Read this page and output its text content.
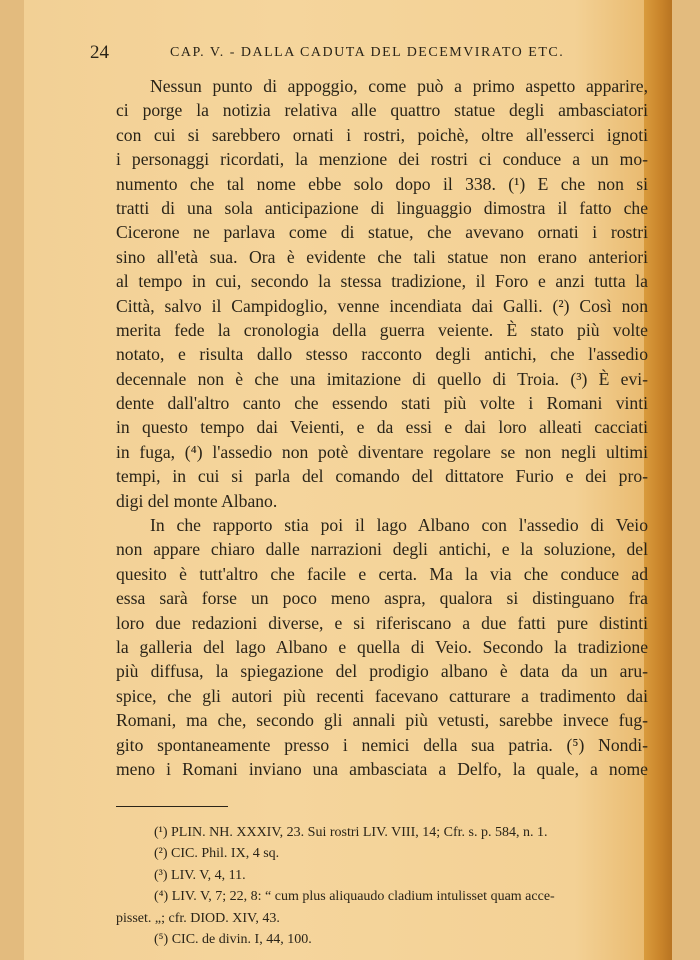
24	CAP. V. - DALLA CADUTA DEL DECEMVIRATO ETC.
Nessun punto di appoggio, come può a primo aspetto apparire,
ci porge la notizia relativa alle quattro statue degli ambasciatori
con cui si sarebbero ornati i rostri, poichè, oltre all'esserci ignoti
i personaggi ricordati, la menzione dei rostri ci conduce a un mo-
numento che tal nome ebbe solo dopo il 338. (¹) E che non si
tratti di una sola anticipazione di linguaggio dimostra il fatto che
Cicerone ne parlava come di statue, che avevano ornati i rostri
sino all'età sua. Ora è evidente che tali statue non erano anteriori
al tempo in cui, secondo la stessa tradizione, il Foro e anzi tutta la
Città, salvo il Campidoglio, venne incendiata dai Galli. (²) Così non
merita fede la cronologia della guerra veiente. È stato più volte
notato, e risulta dallo stesso racconto degli antichi, che l'assedio
decennale non è che una imitazione di quello di Troia. (³) È evi-
dente dall'altro canto che essendo stati più volte i Romani vinti
in questo tempo dai Veienti, e da essi e dai loro alleati cacciati
in fuga, (⁴) l'assedio non potè diventare regolare se non negli ultimi
tempi, in cui si parla del comando del dittatore Furio e dei pro-
digi del monte Albano.
In che rapporto stia poi il lago Albano con l'assedio di Veio
non appare chiaro dalle narrazioni degli antichi, e la soluzione, del
quesito è tutt'altro che facile e certa. Ma la via che conduce ad
essa sarà forse un poco meno aspra, qualora si distinguano fra
loro due redazioni diverse, e si riferiscano a due fatti pure distinti
la galleria del lago Albano e quella di Veio. Secondo la tradizione
più diffusa, la spiegazione del prodigio albano è data da un aru-
spice, che gli autori più recenti facevano catturare a tradimento dai
Romani, ma che, secondo gli annali più vetusti, sarebbe invece fug-
gito spontaneamente presso i nemici della sua patria. (⁵) Nondi-
meno i Romani inviano una ambasciata a Delfo, la quale, a nome
(¹) PLIN. NH. XXXIV, 23. Sui rostri LIV. VIII, 14; Cfr. s. p. 584, n. 1.
(²) CIC. Phil. IX, 4 sq.
(³) LIV. V, 4, 11.
(⁴) LIV. V, 7; 22, 8: “ cum plus aliquaudo cladium intulisset quam acce-
pisset. „; cfr. DIOD. XIV, 43.
(⁵) CIC. de divin. I, 44, 100.
